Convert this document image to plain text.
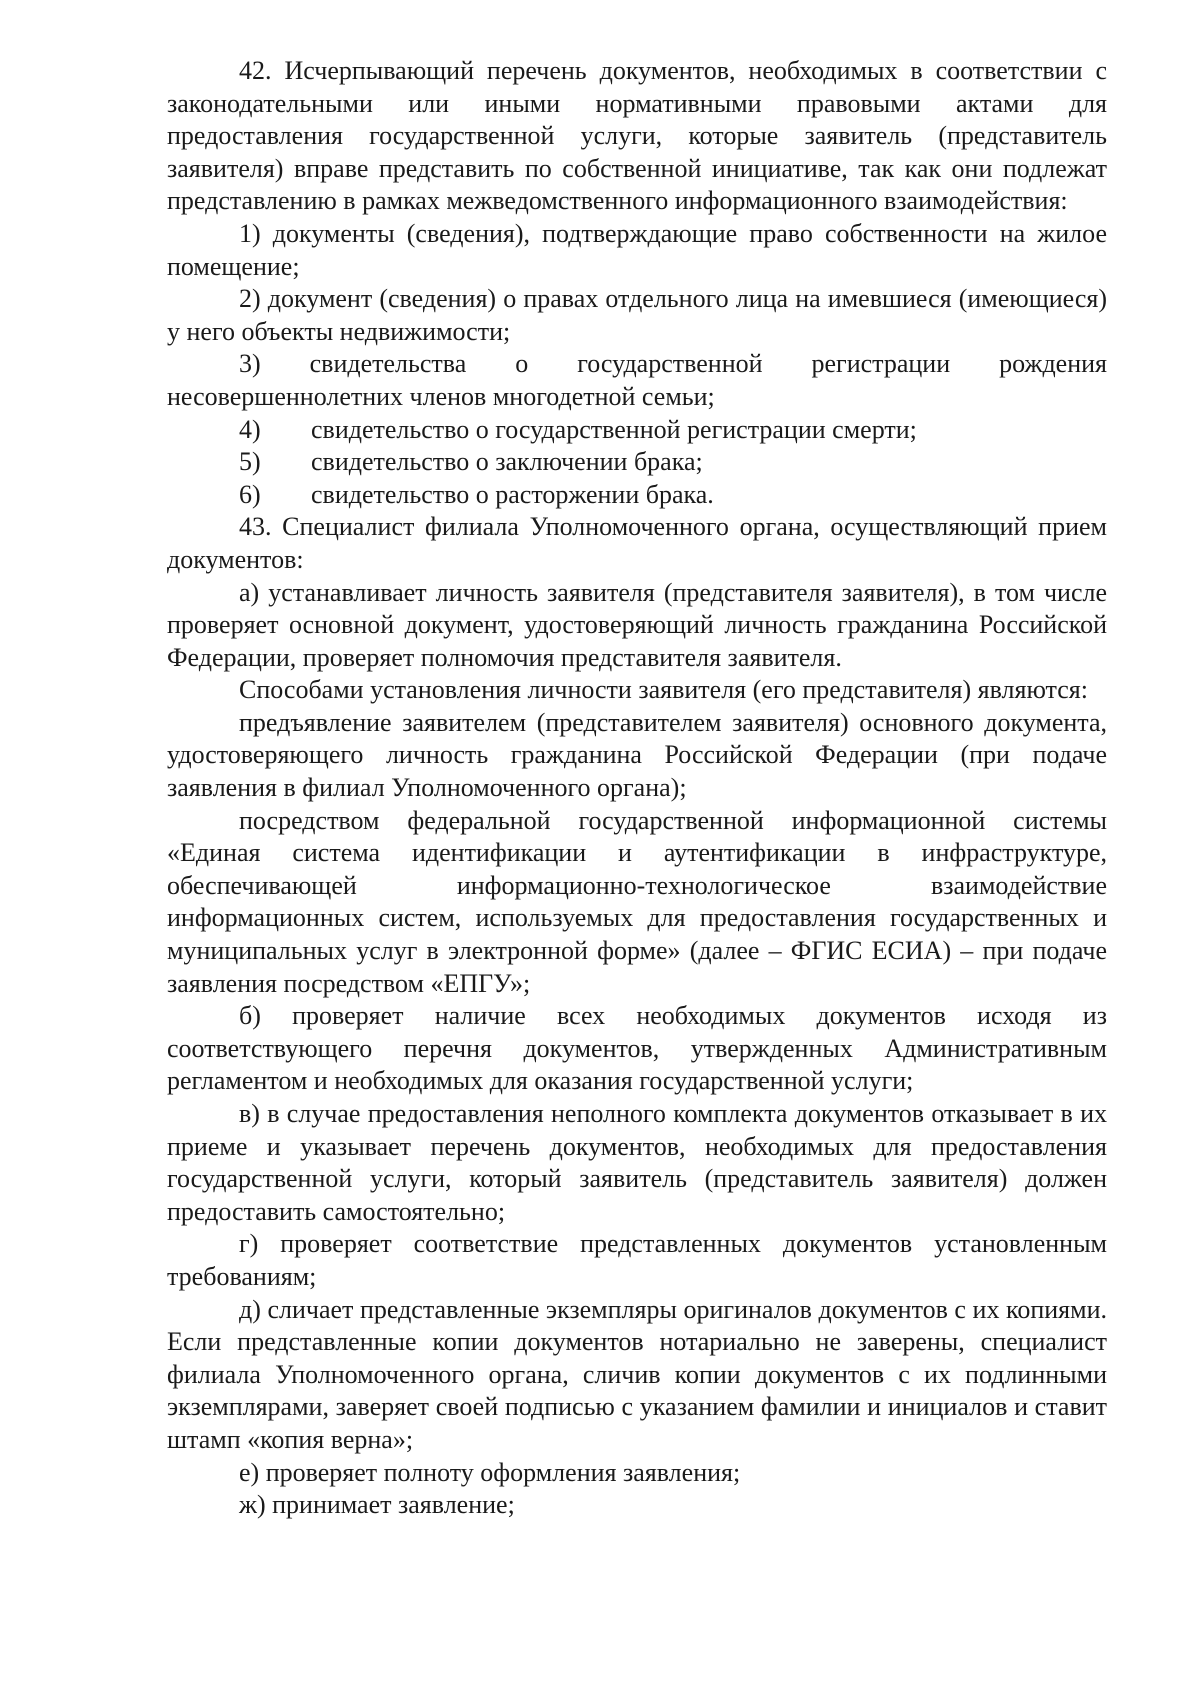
42. Исчерпывающий перечень документов, необходимых в соответствии с законодательными или иными нормативными правовыми актами для предоставления государственной услуги, которые заявитель (представитель заявителя) вправе представить по собственной инициативе, так как они подлежат представлению в рамках межведомственного информационного взаимодействия:

1) документы (сведения), подтверждающие право собственности на жилое помещение;

2) документ (сведения) о правах отдельного лица на имевшиеся (имеющиеся) у него объекты недвижимости;

3) свидетельства о государственной регистрации рождения несовершеннолетних членов многодетной семьи;

4) свидетельство о государственной регистрации смерти;

5) свидетельство о заключении брака;

6) свидетельство о расторжении брака.

43. Специалист филиала Уполномоченного органа, осуществляющий прием документов:

а) устанавливает личность заявителя (представителя заявителя), в том числе проверяет основной документ, удостоверяющий личность гражданина Российской Федерации, проверяет полномочия представителя заявителя.

Способами установления личности заявителя (его представителя) являются:

предъявление заявителем (представителем заявителя) основного документа, удостоверяющего личность гражданина Российской Федерации (при подаче заявления в филиал Уполномоченного органа);

посредством федеральной государственной информационной системы «Единая система идентификации и аутентификации в инфраструктуре, обеспечивающей информационно-технологическое взаимодействие информационных систем, используемых для предоставления государственных и муниципальных услуг в электронной форме» (далее – ФГИС ЕСИА) – при подаче заявления посредством «ЕПГУ»;

б) проверяет наличие всех необходимых документов исходя из соответствующего перечня документов, утвержденных Административным регламентом и необходимых для оказания государственной услуги;

в) в случае предоставления неполного комплекта документов отказывает в их приеме и указывает перечень документов, необходимых для предоставления государственной услуги, который заявитель (представитель заявителя) должен предоставить самостоятельно;

г) проверяет соответствие представленных документов установленным требованиям;

д) сличает представленные экземпляры оригиналов документов с их копиями. Если представленные копии документов нотариально не заверены, специалист филиала Уполномоченного органа, сличив копии документов с их подлинными экземплярами, заверяет своей подписью с указанием фамилии и инициалов и ставит штамп «копия верна»;

е) проверяет полноту оформления заявления;

ж) принимает заявление;
